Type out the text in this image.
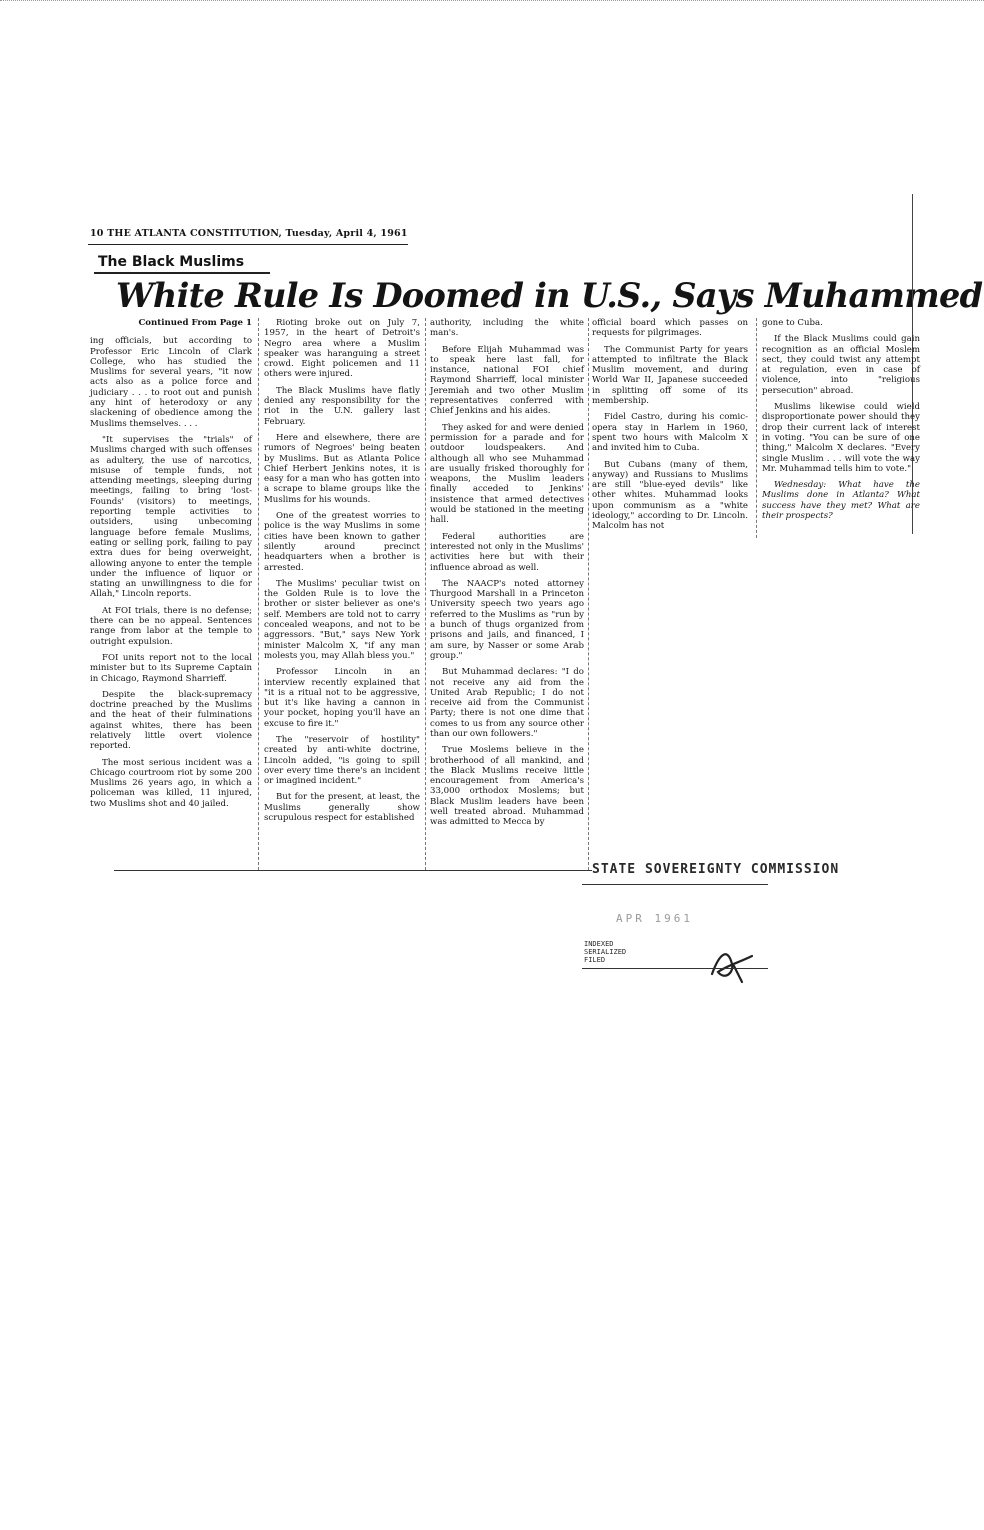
10 THE ATLANTA CONSTITUTION, Tuesday, April 4, 1961
The Black Muslims
White Rule Is Doomed in U.S., Says Muhammed

Continued From Page 1

ing officials, but according to Professor Eric Lincoln of Clark College, who has studied the Muslims for several years, "it now acts also as a police force and judiciary . . . to root out and punish any hint of heterodoxy or any slackening of obedience among the Muslims themselves. . . .

"It supervises the "trials" of Muslims charged with such offenses as adultery, the use of narcotics, misuse of temple funds, not attending meetings, sleeping during meetings, failing to bring 'lost-Founds' (visitors) to meetings, reporting temple activities to outsiders, using unbecoming language before female Muslims, eating or selling pork, failing to pay extra dues for being overweight, allowing anyone to enter the temple under the influence of liquor or stating an unwillingness to die for Allah," Lincoln reports.

At FOI trials, there is no defense; there can be no appeal. Sentences range from labor at the temple to outright expulsion.

FOI units report not to the local minister but to its Supreme Captain in Chicago, Raymond Sharrieff.

Despite the black-supremacy doctrine preached by the Muslims and the heat of their fulminations against whites, there has been relatively little overt violence reported.

The most serious incident was a Chicago courtroom riot by some 200 Muslims 26 years ago, in which a policeman was killed, 11 injured, two Muslims shot and 40 jailed.

Rioting broke out on July 7, 1957, in the heart of Detroit's Negro area where a Muslim speaker was haranguing a street crowd. Eight policemen and 11 others were injured.

The Black Muslims have flatly denied any responsibility for the riot in the U.N. gallery last February.

Here and elsewhere, there are rumors of Negroes' being beaten by Muslims. But as Atlanta Police Chief Herbert Jenkins notes, it is easy for a man who has gotten into a scrape to blame groups like the Muslims for his wounds.

One of the greatest worries to police is the way Muslims in some cities have been known to gather silently around precinct headquarters when a brother is arrested.

The Muslims' peculiar twist on the Golden Rule is to love the brother or sister believer as one's self. Members are told not to carry concealed weapons, and not to be aggressors. "But," says New York minister Malcolm X, "if any man molests you, may Allah bless you."

Professor Lincoln in an interview recently explained that "it is a ritual not to be aggressive, but it's like having a cannon in your pocket, hoping you'll have an excuse to fire it."

The "reservoir of hostility" created by anti-white doctrine, Lincoln added, "is going to spill over every time there's an incident or imagined incident."

But for the present, at least, the Muslims generally show scrupulous respect for established

authority, including the white man's.

Before Elijah Muhammad was to speak here last fall, for instance, national FOI chief Raymond Sharrieff, local minister Jeremiah and two other Muslim representatives conferred with Chief Jenkins and his aides.

They asked for and were denied permission for a parade and for outdoor loudspeakers. And although all who see Muhammad are usually frisked thoroughly for weapons, the Muslim leaders finally acceded to Jenkins' insistence that armed detectives would be stationed in the meeting hall.

Federal authorities are interested not only in the Muslims' activities here but with their influence abroad as well.

The NAACP's noted attorney Thurgood Marshall in a Princeton University speech two years ago referred to the Muslims as "run by a bunch of thugs organized from prisons and jails, and financed, I am sure, by Nasser or some Arab group."

But Muhammad declares: "I do not receive any aid from the United Arab Republic; I do not receive aid from the Communist Party; there is not one dime that comes to us from any source other than our own followers."

True Moslems believe in the brotherhood of all mankind, and the Black Muslims receive little encouragement from America's 33,000 orthodox Moslems; but Black Muslim leaders have been well treated abroad. Muhammad was admitted to Mecca by

official board which passes on requests for pilgrimages.

The Communist Party for years attempted to infiltrate the Black Muslim movement, and during World War II, Japanese succeeded in splitting off some of its membership.

Fidel Castro, during his comic-opera stay in Harlem in 1960, spent two hours with Malcolm X and invited him to Cuba.

But Cubans (many of them, anyway) and Russians to Muslims are still "blue-eyed devils" like other whites. Muhammad looks upon communism as a "white ideology," according to Dr. Lincoln. Malcolm has not

gone to Cuba.

If the Black Muslims could gain recognition as an official Moslem sect, they could twist any attempt at regulation, even in case of violence, into "religious persecution" abroad.

Muslims likewise could wield disproportionate power should they drop their current lack of interest in voting. "You can be sure of one thing," Malcolm X declares. "Every single Muslim . . . will vote the way Mr. Muhammad tells him to vote."

Wednesday: What have the Muslims done in Atlanta? What success have they met? What are their prospects?

STATE SOVEREIGNTY COMMISSION
APR 1961
INDEXED
SERIALIZED
FILED
